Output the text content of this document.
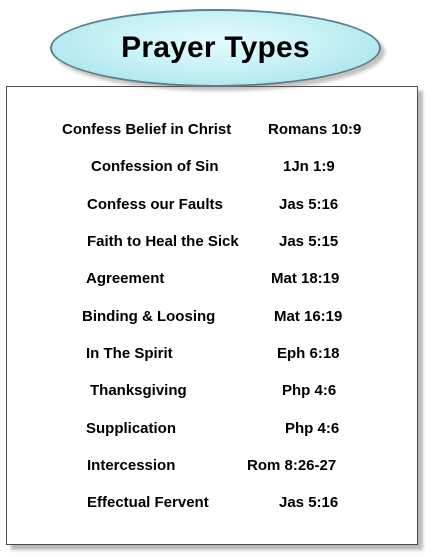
Prayer Types
Confess Belief in Christ Romans 10:9
Confession of Sin	1Jn 1:9
Confess our Faults	Jas 5:16
Faith to Heal the Sick	Jas 5:15
Agreement	Mat 18:19
Binding & Loosing	Mat 16:19
In The Spirit	Eph 6:18
Thanksgiving	Php 4:6
Supplication	Php 4:6
Intercession	Rom 8:26-27
Effectual Fervent	Jas 5:16
